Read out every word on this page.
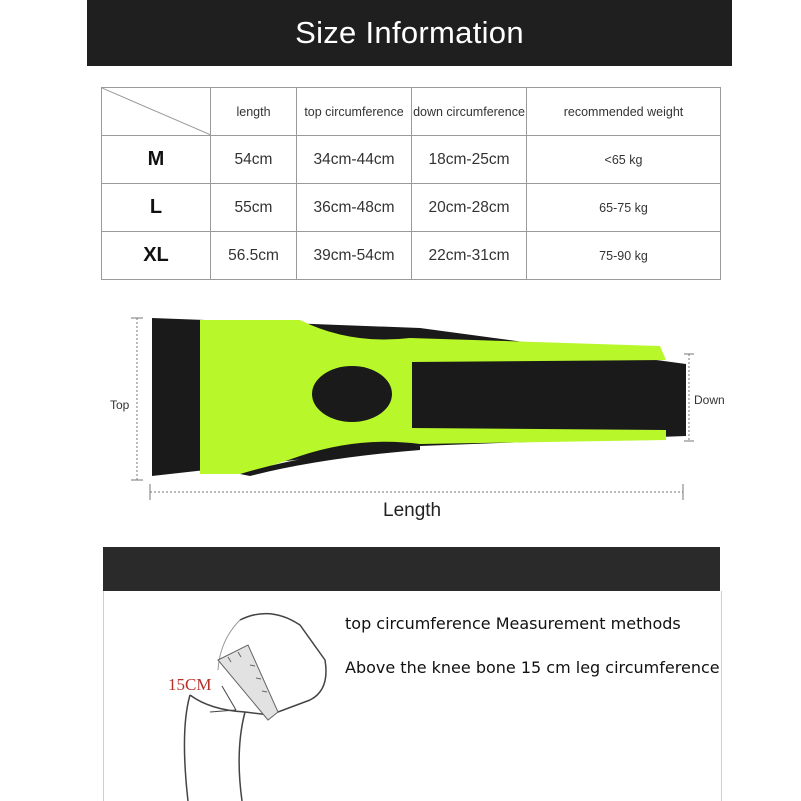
Size Information
	length	top circumference	down circumference	recommended weight
M	54cm	34cm-44cm	18cm-25cm	<65 kg
L	55cm	36cm-48cm	20cm-28cm	65-75 kg
XL	56.5cm	39cm-54cm	22cm-31cm	75-90 kg
Top	Down
Length
15CM
top circumference Measurement methods
Above the knee bone 15 cm leg circumference
